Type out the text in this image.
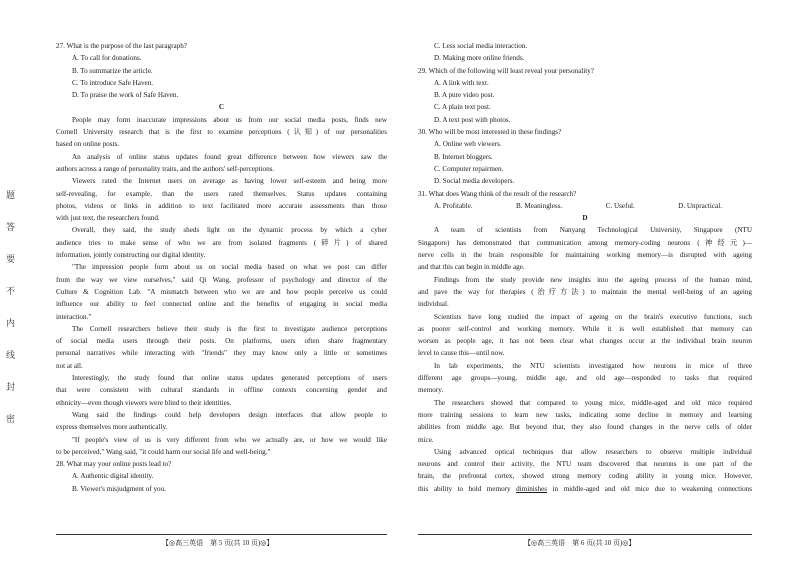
题
答
要
不
内
线
封
密
27. What is the purpose of the last paragraph?
A. To call for donations.
B. To summarize the article.
C. To introduce Safe Haven.
D. To praise the work of Safe Haven.
C
People may form inaccurate impressions about us from our social media posts, finds new
Cornell University research that is the first to examine perceptions (认知) of our personalities
based on online posts.
An analysis of online status updates found great difference between how viewers saw the
authors across a range of personality traits, and the authors' self-perceptions.
Viewers rated the Internet users on average as having lower self-esteem and being more
self-revealing, for example, than the users rated themselves. Status updates containing
photos, videos or links in addition to text facilitated more accurate assessments than those
with just text, the researchers found.
Overall, they said, the study sheds light on the dynamic process by which a cyber
audience tries to make sense of who we are from isolated fragments (碎片) of shared
information, jointly constructing our digital identity.
"The impression people form about us on social media based on what we post can differ
from the way we view ourselves," said Qi Wang, professor of psychology and director of the
Culture & Cognition Lab. "A mismatch between who we are and how people perceive us could
influence our ability to feel connected online and the benefits of engaging in social media
interaction."
The Cornell researchers believe their study is the first to investigate audience perceptions
of social media users through their posts. On platforms, users often share fragmentary
personal narratives while interacting with "friends" they may know only a little or sometimes
not at all.
Interestingly, the study found that online status updates generated perceptions of users
that were consistent with cultural standards in offline contexts concerning gender and
ethnicity—even though viewers were blind to their identities.
Wang said the findings could help developers design interfaces that allow people to
express themselves more authentically.
"If people's view of us is very different from who we actually are, or how we would like
to be perceived," Wang said, "it could harm our social life and well-being."
28. What may your online posts lead to?
A. Authentic digital identity.
B. Viewer's misjudgment of you.
C. Less social media interaction.
D. Making more online friends.
29. Which of the following will least reveal your personality?
A. A link with text.
B. A pure video post.
C. A plain text post.
D. A text post with photos.
30. Who will be most interested in these findings?
A. Online web viewers.
B. Internet bloggers.
C. Computer repairmen.
D. Social media developers.
31. What does Wang think of the result of the research?
A. Profitable.	B. Meaningless.	C. Useful.	D. Unpractical.
D
A team of scientists from Nanyang Technological University, Singapore (NTU
Singapore) has demonstrated that communication among memory-coding neurons (神经元)—
nerve cells in the brain responsible for maintaining working memory—is disrupted with ageing
and that this can begin in middle age.
Findings from the study provide new insights into the ageing process of the human mind,
and pave the way for therapies (治疗方法) to maintain the mental well-being of an ageing
individual.
Scientists have long studied the impact of ageing on the brain's executive functions, such
as poorer self-control and working memory. While it is well established that memory can
worsen as people age, it has not been clear what changes occur at the individual brain neuron
level to cause this—until now.
In lab experiments, the NTU scientists investigated how neurons in mice of three
different age groups—young, middle age, and old age—responded to tasks that required
memory.
The researchers showed that compared to young mice, middle-aged and old mice required
more training sessions to learn new tasks, indicating some decline in memory and learning
abilities from middle age. But beyond that, they also found changes in the nerve cells of older
mice.
Using advanced optical techniques that allow researchers to observe multiple individual
neurons and control their activity, the NTU team discovered that neurons in one part of the
brain, the prefrontal cortex, showed strong memory coding ability in young mice. However,
this ability to hold memory diminishes in middle-aged and old mice due to weakening connections
【◎高三英语　第 5 页(共 10 页)◎】	【◎高三英语　第 6 页(共 10 页)◎】
